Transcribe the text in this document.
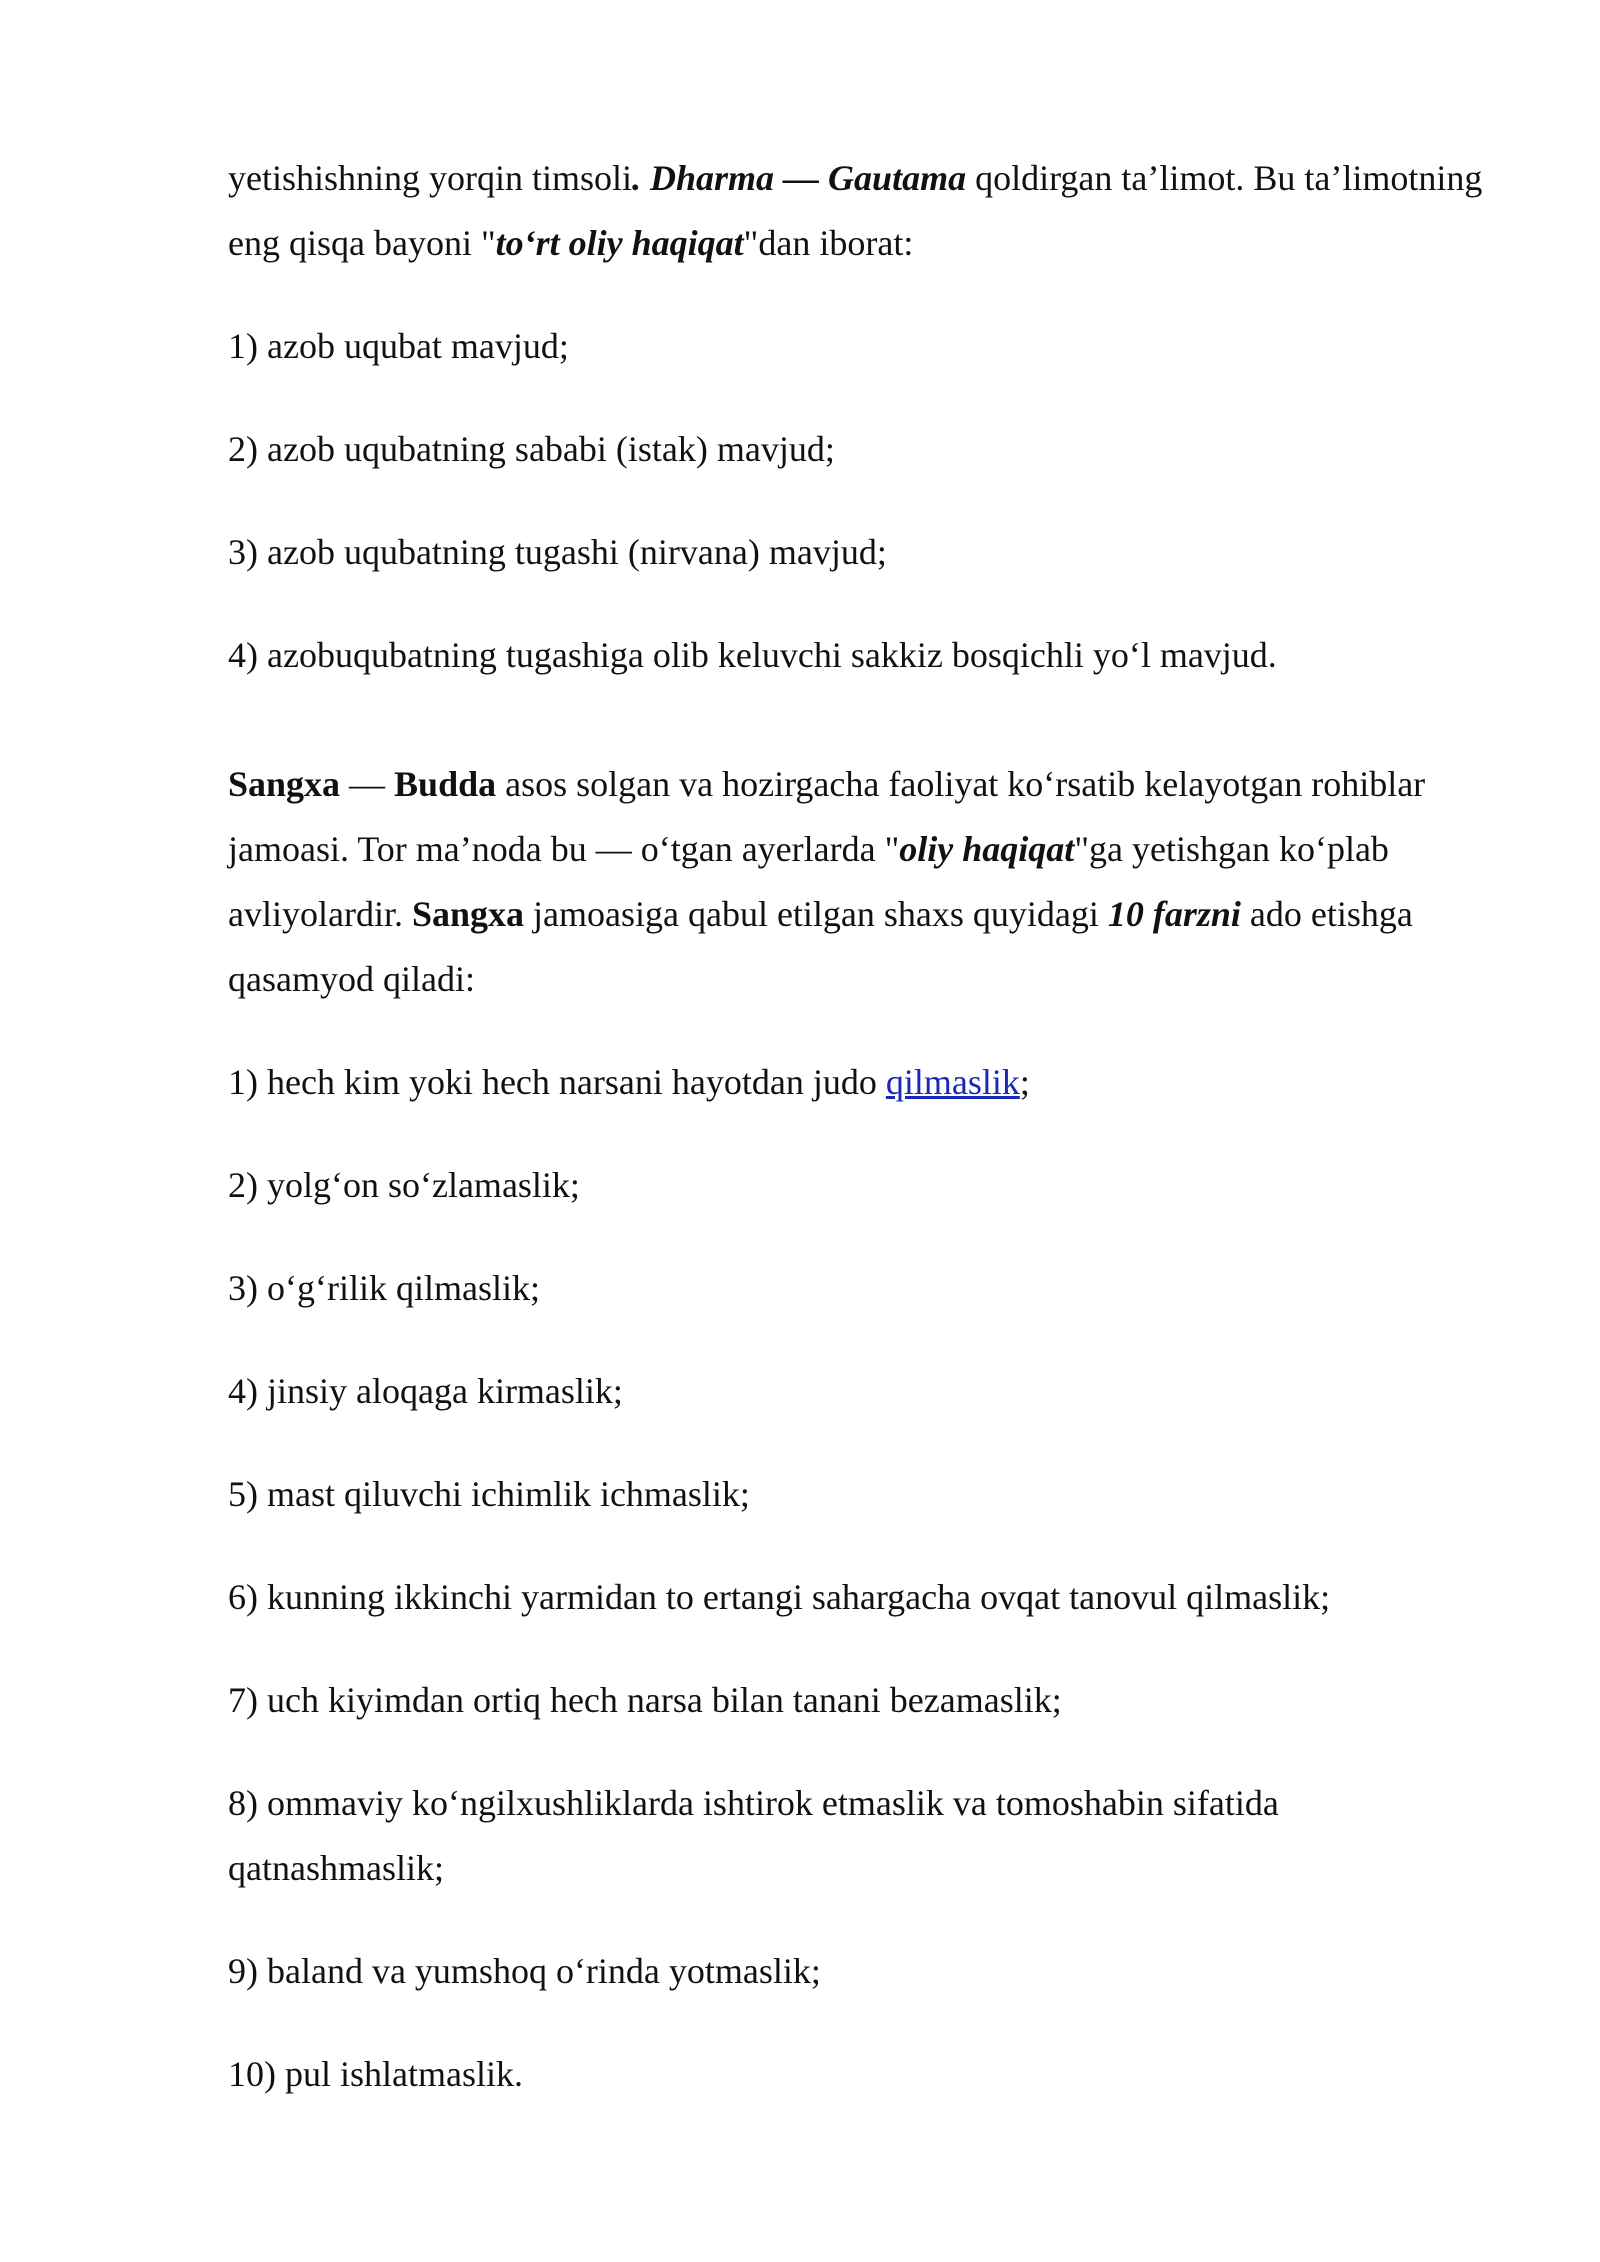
yetishishning yorqin timsoli. Dharma — Gautama qoldirgan ta’limot. Bu ta’limotning eng qisqa bayoni "to‘rt oliy haqiqat"dan iborat:

1) azob uqubat mavjud;

2) azob uqubatning sababi (istak) mavjud;

3) azob uqubatning tugashi (nirvana) mavjud;

4) azobuqubatning tugashiga olib keluvchi sakkiz bosqichli yo‘l mavjud.

Sangxa — Budda asos solgan va hozirgacha faoliyat ko‘rsatib kelayotgan rohiblar jamoasi. Tor ma’noda bu — o‘tgan ayerlarda "oliy haqiqat"ga yetishgan ko‘plab avliyolardir. Sangxa jamoasiga qabul etilgan shaxs quyidagi 10 farzni ado etishga qasamyod qiladi:

1) hech kim yoki hech narsani hayotdan judo qilmaslik;

2) yolg‘on so‘zlamaslik;

3) o‘g‘rilik qilmaslik;

4) jinsiy aloqaga kirmaslik;

5) mast qiluvchi ichimlik ichmaslik;

6) kunning ikkinchi yarmidan to ertangi sahargacha ovqat tanovul qilmaslik;

7) uch kiyimdan ortiq hech narsa bilan tanani bezamaslik;

8) ommaviy ko‘ngilxushliklarda ishtirok etmaslik va tomoshabin sifatida qatnashmaslik;

9) baland va yumshoq o‘rinda yotmaslik;

10) pul ishlatmaslik.
